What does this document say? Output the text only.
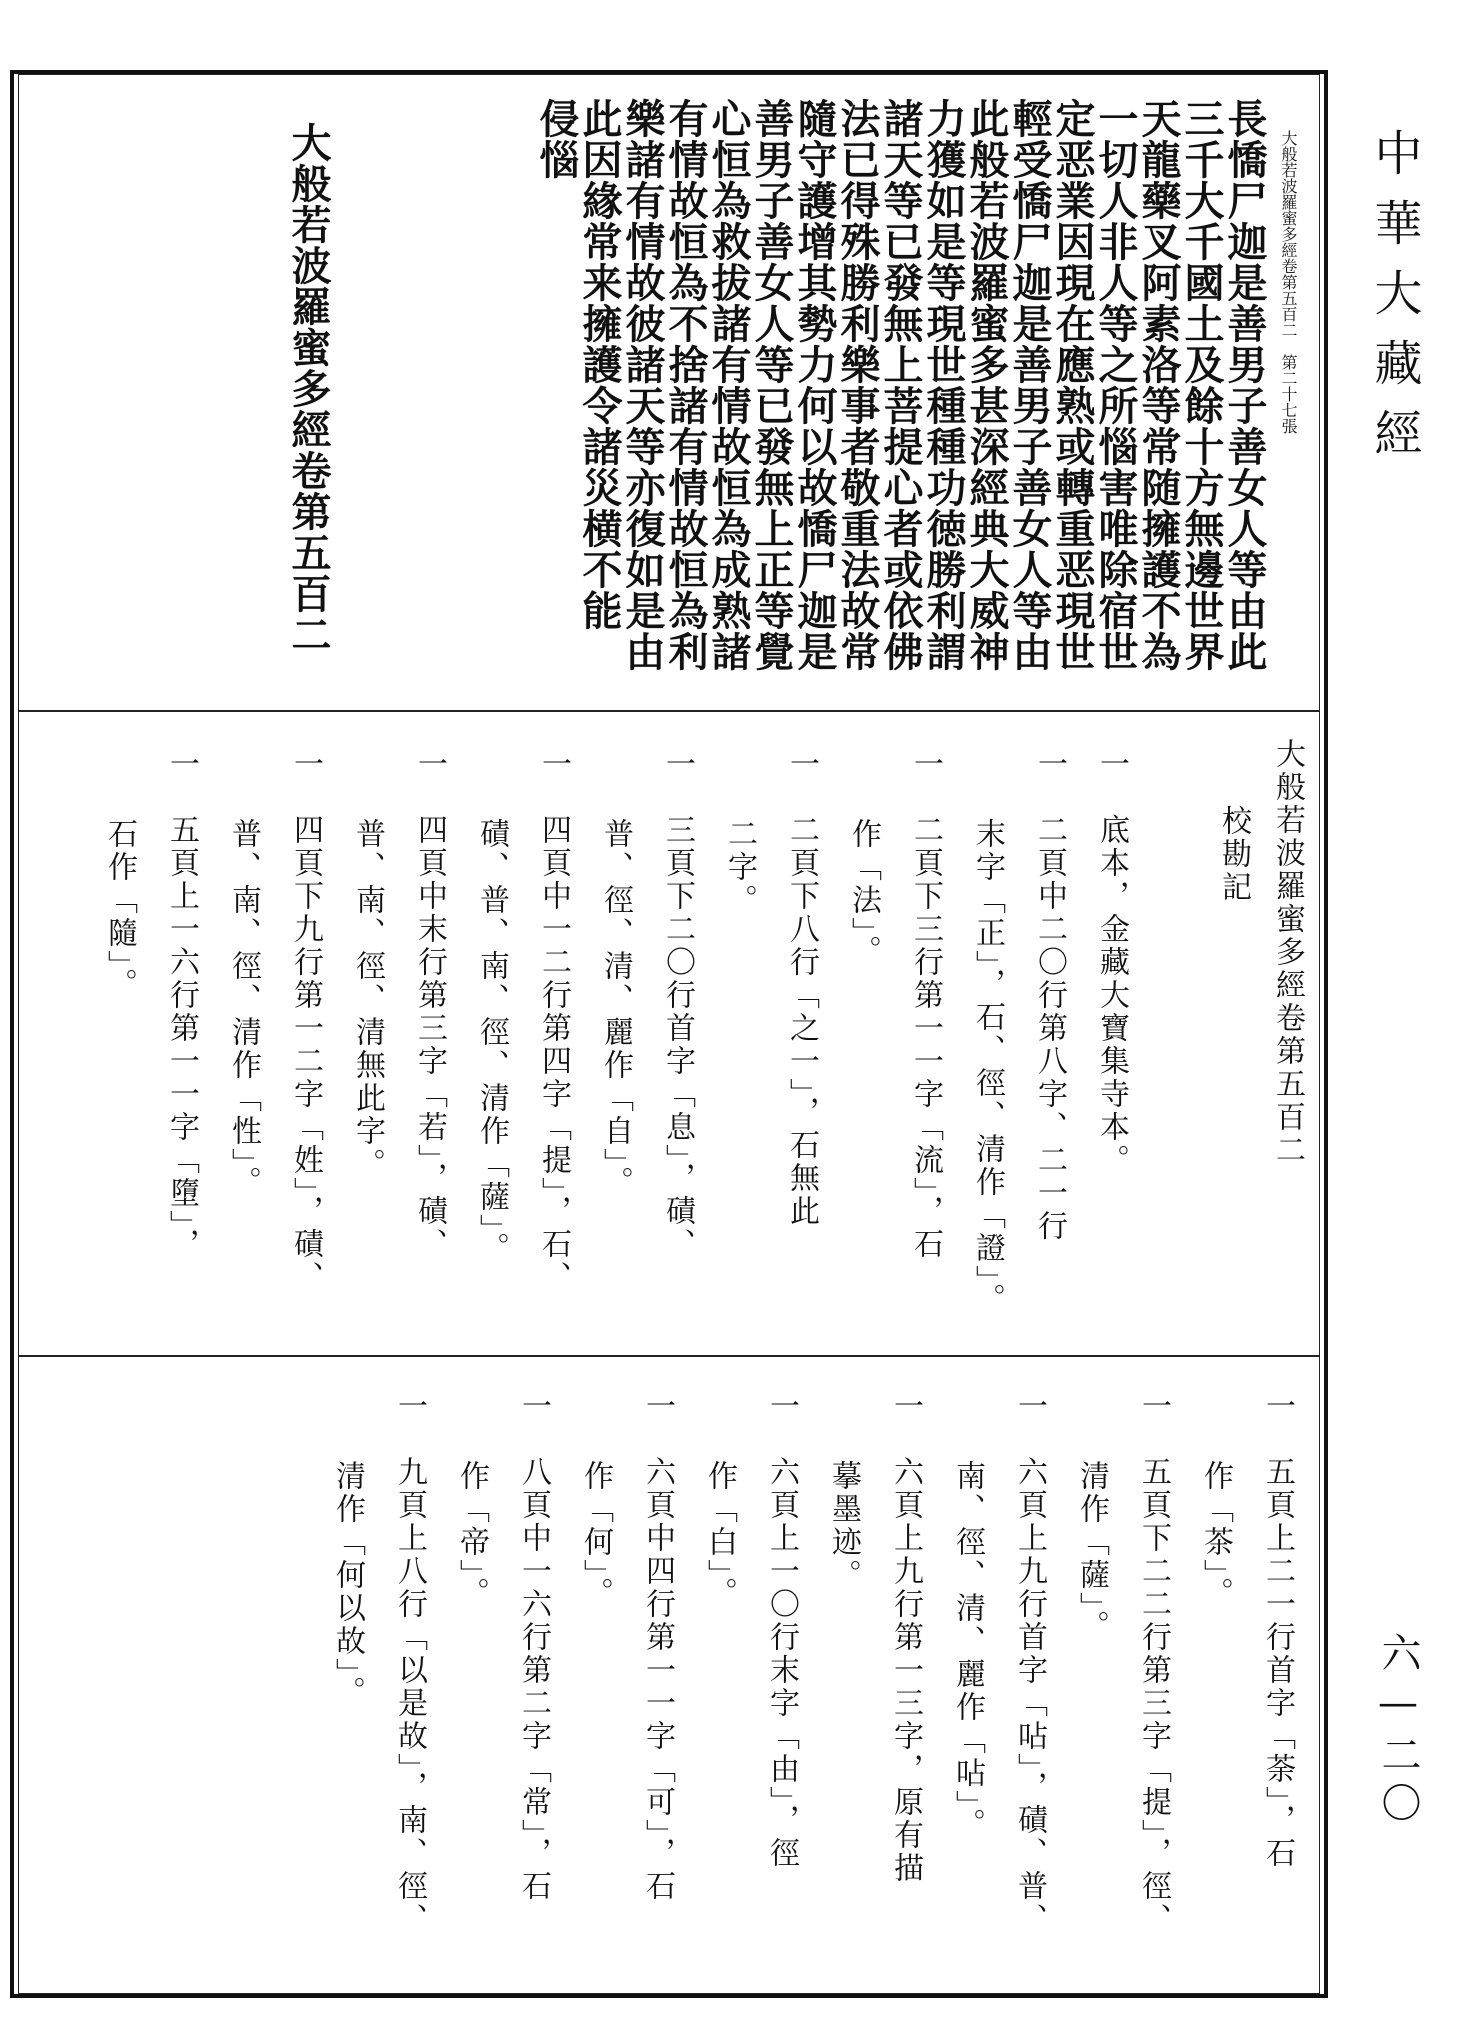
中華大藏經
六—二〇
大般若波羅蜜多經卷第五百二　第二十七張
長憍尸迦是善男子善女人等由此
三千大千國土及餘十方無邊世界
天龍藥叉阿素洛等常随擁護不為
一切人非人等之所惱害唯除宿世
定恶業因現在應熟或轉重恶現世
輕受憍尸迦是善男子善女人等由
此般若波羅蜜多甚深經典大威神
力獲如是等現世種種功徳勝利謂
諸天等已發無上菩提心者或依佛
法已得殊勝利樂事者敬重法故常
隨守護增其勢力何以故憍尸迦是
善男子善女人等已發無上正等覺
心恒為救拔諸有情故恒為成熟諸
有情故恒為不捨諸有情故恒為利
樂諸有情故彼諸天等亦復如是由
此因緣常来擁護令諸災横不能
侵惱
大般若波羅蜜多經卷第五百二
大般若波羅蜜多經卷第五百二
校勘記
一　底本，金藏大寶集寺本。
一　二頁中二〇行第八字、二一行
末字「正」，石、徑、清作「證」。
一　二頁下三行第一一字「流」，石
作「法」。
一　二頁下八行「之一」，石無此
二字。
一　三頁下二〇行首字「息」，磧、
普、徑、清、麗作「自」。
一　四頁中一二行第四字「提」，石、
磧、普、南、徑、清作「薩」。
一　四頁中末行第三字「若」，磧、
普、南、徑、清無此字。
一　四頁下九行第一二字「姓」，磧、
普、南、徑、清作「性」。
一　五頁上一六行第一一字「墮」，
石作「隨」。
一　五頁上二一行首字「荼」，石
作「茶」。
一　五頁下二二行第三字「提」，徑、
清作「薩」。
一　六頁上九行首字「呫」，磧、普、
南、徑、清、麗作「呫」。
一　六頁上九行第一三字，原有描
摹墨迹。
一　六頁上一〇行末字「由」，徑
作「白」。
一　六頁中四行第一一字「可」，石
作「何」。
一　八頁中一六行第二字「常」，石
作「帝」。
一　九頁上八行「以是故」，南、徑、
清作「何以故」。
